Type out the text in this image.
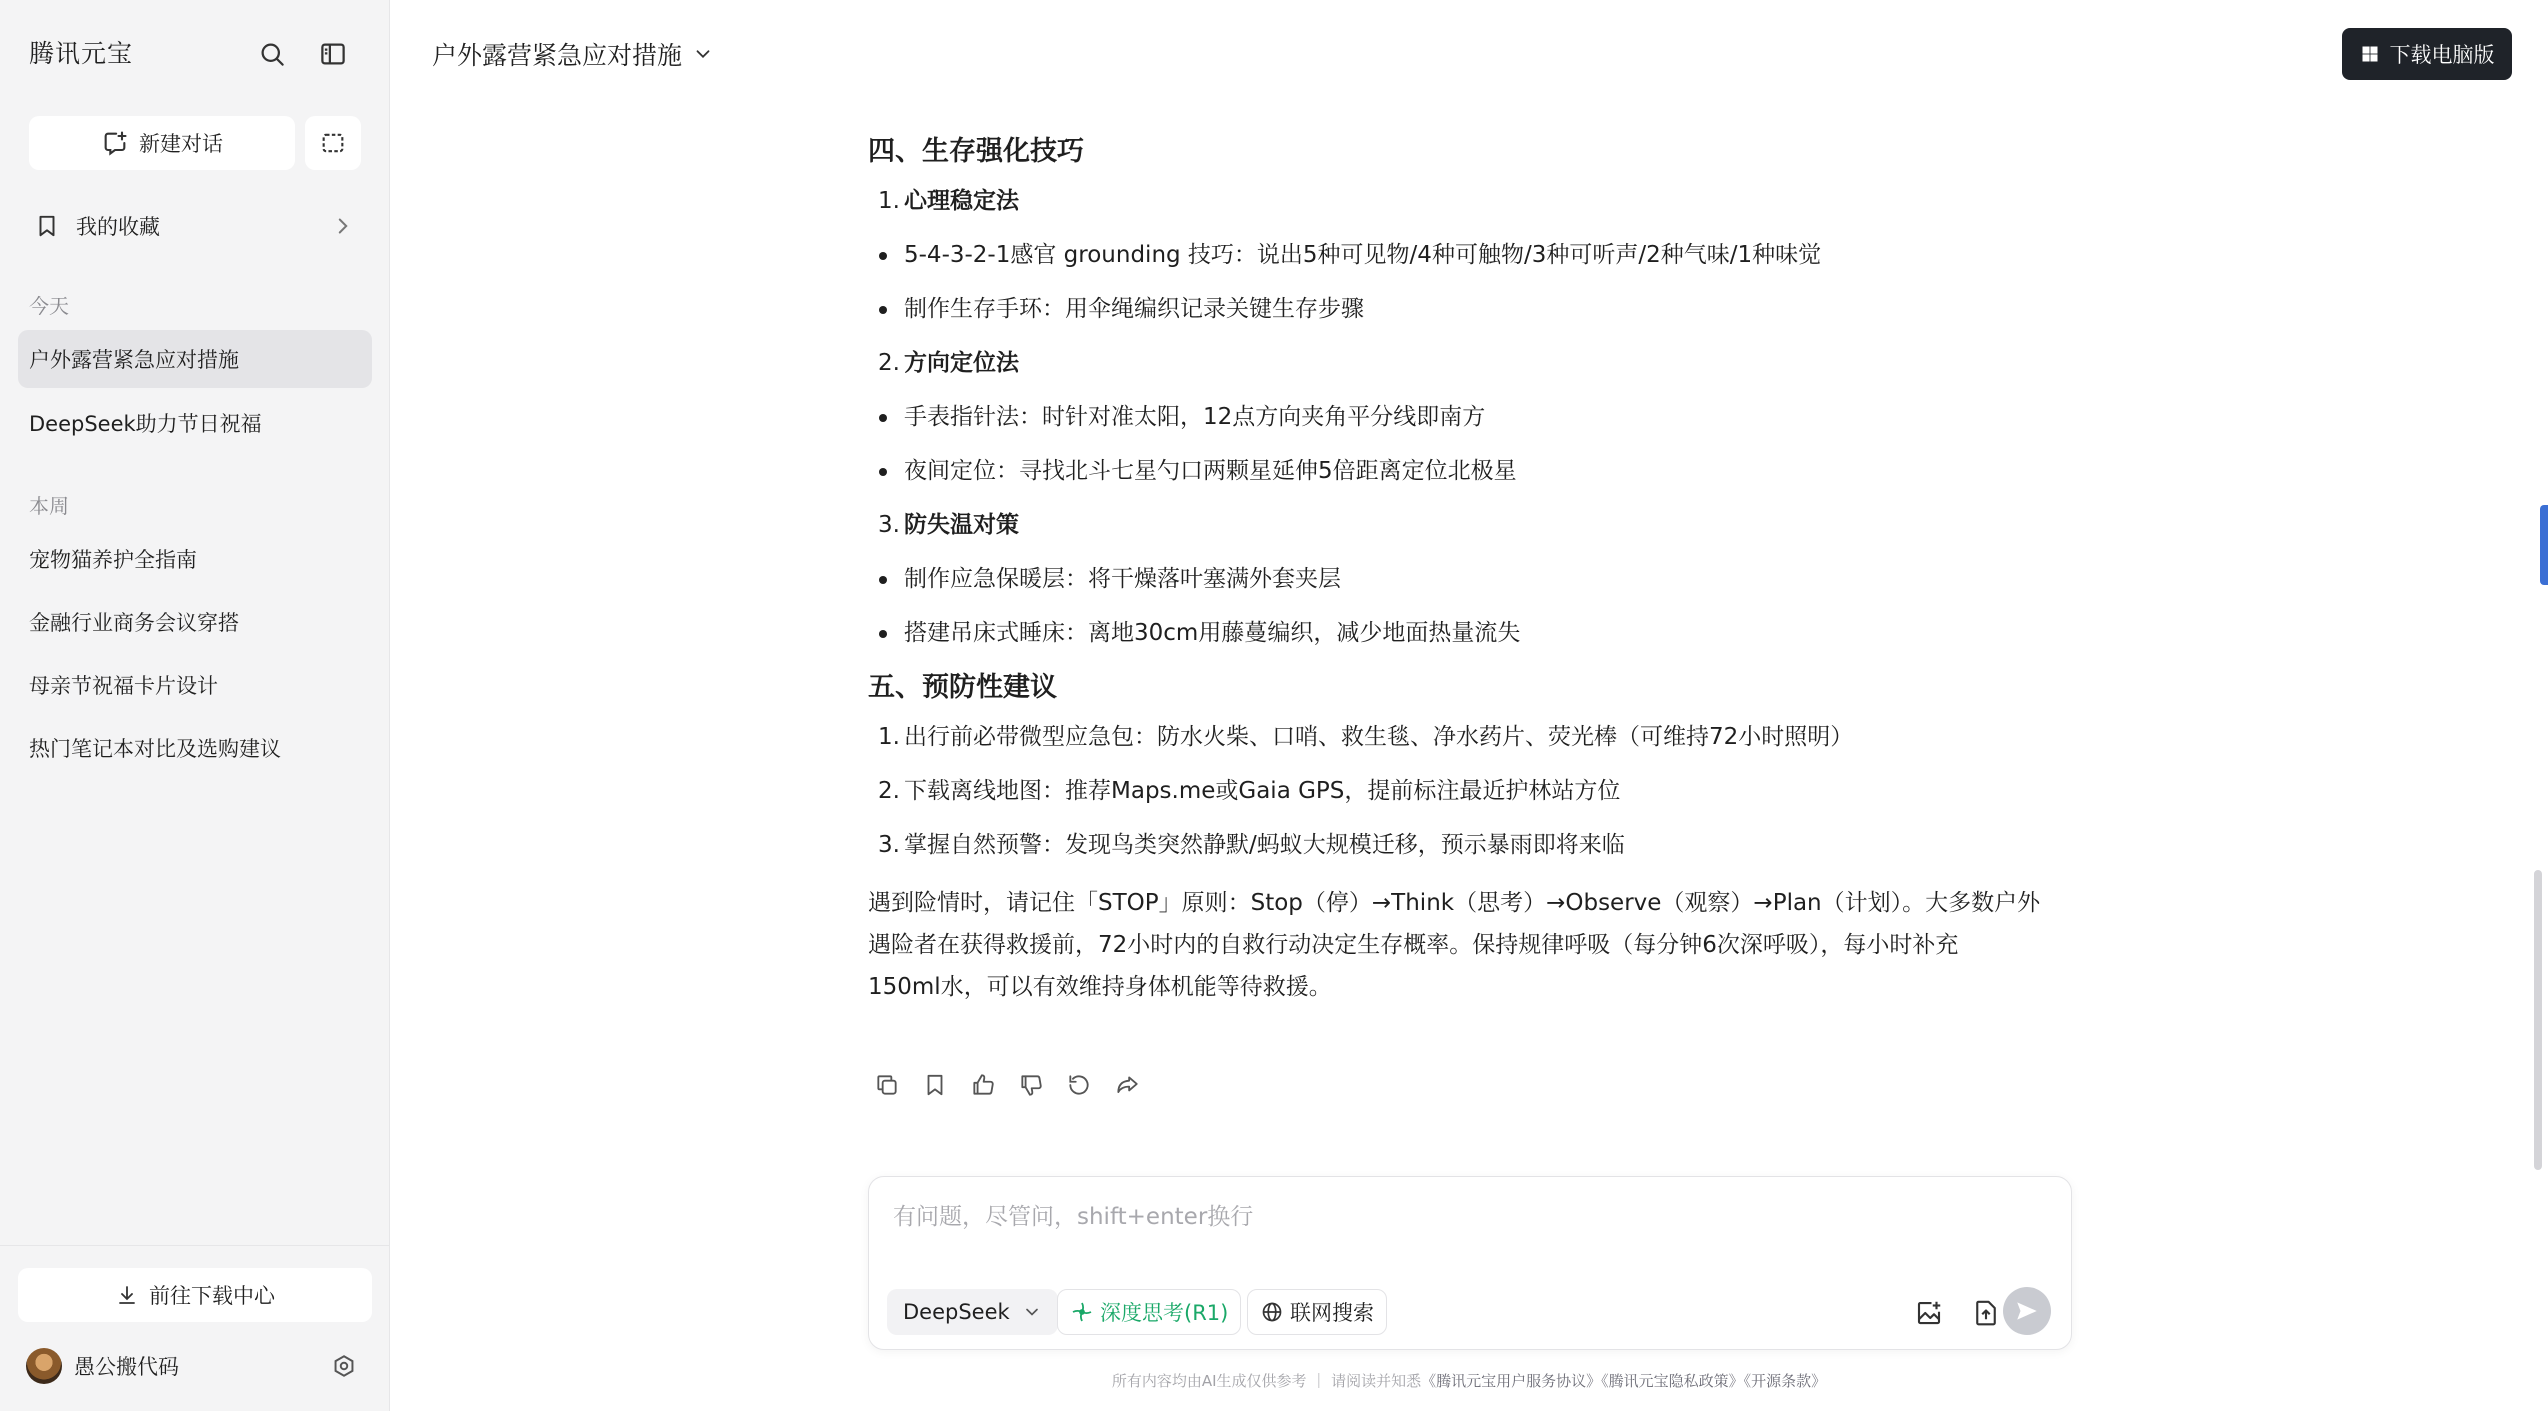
腾讯元宝
新建对话
我的收藏
今天
户外露营紧急应对措施
DeepSeek助力节日祝福
本周
宠物猫养护全指南
金融行业商务会议穿搭
母亲节祝福卡片设计
热门笔记本对比及选购建议
前往下载中心
愚公搬代码
户外露营紧急应对措施	下载电脑版
四、生存强化技巧
1. 心理稳定法
5-4-3-2-1感官 grounding 技巧：说出5种可见物/4种可触物/3种可听声/2种气味/1种味觉
制作生存手环：用伞绳编织记录关键生存步骤
2. 方向定位法
手表指针法：时针对准太阳，12点方向夹角平分线即南方
夜间定位：寻找北斗七星勺口两颗星延伸5倍距离定位北极星
3. 防失温对策
制作应急保暖层：将干燥落叶塞满外套夹层
搭建吊床式睡床：离地30cm用藤蔓编织，减少地面热量流失
五、预防性建议
1. 出行前必带微型应急包：防水火柴、口哨、救生毯、净水药片、荧光棒（可维持72小时照明）
2. 下载离线地图：推荐Maps.me或Gaia GPS，提前标注最近护林站方位
3. 掌握自然预警：发现鸟类突然静默/蚂蚁大规模迁移，预示暴雨即将来临
遇到险情时，请记住「STOP」原则：Stop（停）→Think（思考）→Observe（观察）→Plan（计划）。大多数户外
遇险者在获得救援前，72小时内的自救行动决定生存概率。保持规律呼吸（每分钟6次深呼吸），每小时补充
150ml水，可以有效维持身体机能等待救援。
有问题，尽管问，shift+enter换行
DeepSeek	深度思考(R1)	联网搜索
所有内容均由AI生成仅供参考 ｜ 请阅读并知悉 《腾讯元宝用户服务协议》《腾讯元宝隐私政策》《开源条款》
